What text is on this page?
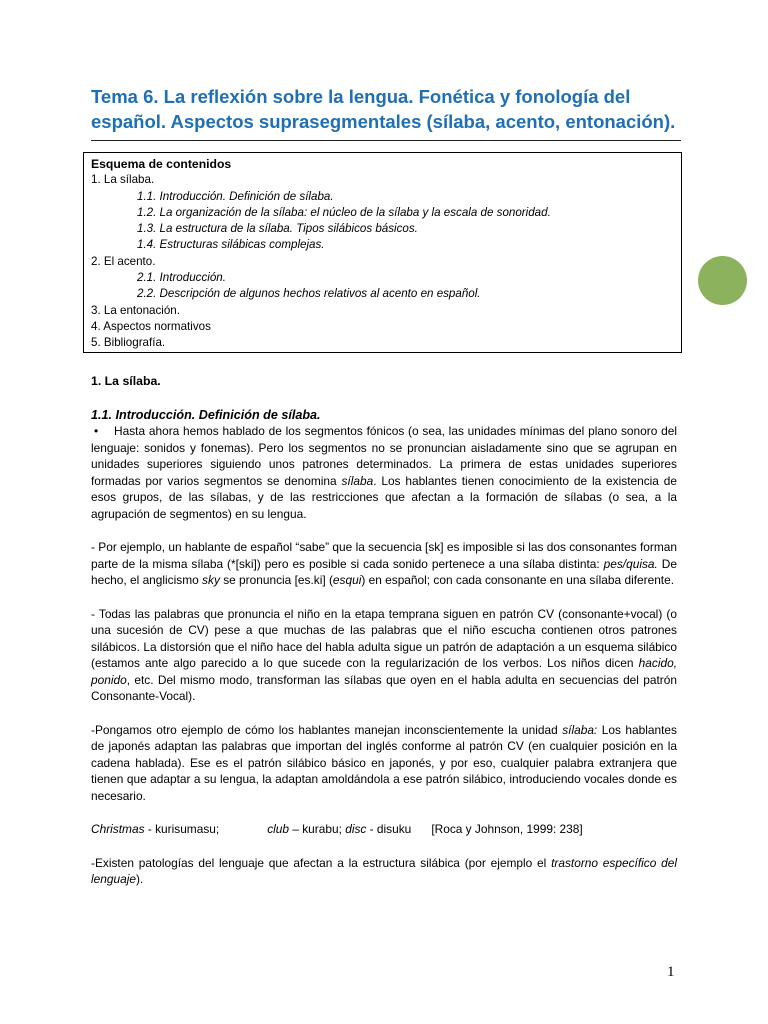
Tema 6. La reflexión sobre la lengua. Fonética y fonología del español. Aspectos suprasegmentales (sílaba, acento, entonación).
Esquema de contenidos
1. La sílaba.
1.1. Introducción. Definición de sílaba.
1.2. La organización de la sílaba: el núcleo de la sílaba y la escala de sonoridad.
1.3. La estructura de la sílaba. Tipos silábicos básicos.
1.4. Estructuras silábicas complejas.
2. El acento.
2.1. Introducción.
2.2. Descripción de algunos hechos relativos al acento en español.
3. La entonación.
4. Aspectos normativos
5. Bibliografía.

1. La sílaba.

1.1. Introducción. Definición de sílaba.

• Hasta ahora hemos hablado de los segmentos fónicos (o sea, las unidades mínimas del plano sonoro del lenguaje: sonidos y fonemas). Pero los segmentos no se pronuncian aisladamente sino que se agrupan en unidades superiores siguiendo unos patrones determinados. La primera de estas unidades superiores formadas por varios segmentos se denomina sílaba. Los hablantes tienen conocimiento de la existencia de esos grupos, de las sílabas, y de las restricciones que afectan a la formación de sílabas (o sea, a la agrupación de segmentos) en su lengua.

- Por ejemplo, un hablante de español “sabe” que la secuencia [sk] es imposible si las dos consonantes forman parte de la misma sílaba (*[ski]) pero es posible si cada sonido pertenece a una sílaba distinta: pes/quisa. De hecho, el anglicismo sky se pronuncia [es.ki] (esqui) en español; con cada consonante en una sílaba diferente.

- Todas las palabras que pronuncia el niño en la etapa temprana siguen en patrón CV (consonante+vocal) (o una sucesión de CV) pese a que muchas de las palabras que el niño escucha contienen otros patrones silábicos. La distorsión que el niño hace del habla adulta sigue un patrón de adaptación a un esquema silábico (estamos ante algo parecido a lo que sucede con la regularización de los verbos. Los niños dicen hacido, ponido, etc. Del mismo modo, transforman las sílabas que oyen en el habla adulta en secuencias del patrón Consonante-Vocal).

-Pongamos otro ejemplo de cómo los hablantes manejan inconscientemente la unidad sílaba: Los hablantes de japonés adaptan las palabras que importan del inglés conforme al patrón CV (en cualquier posición en la cadena hablada). Ese es el patrón silábico básico en japonés, y por eso, cualquier palabra extranjera que tienen que adaptar a su lengua, la adaptan amoldándola a ese patrón silábico, introduciendo vocales donde es necesario.

Christmas - kurisumasu;	club – kurabu; disc - disuku [Roca y Johnson, 1999: 238]

-Existen patologías del lenguaje que afectan a la estructura silábica (por ejemplo el trastorno específico del lenguaje).

1
